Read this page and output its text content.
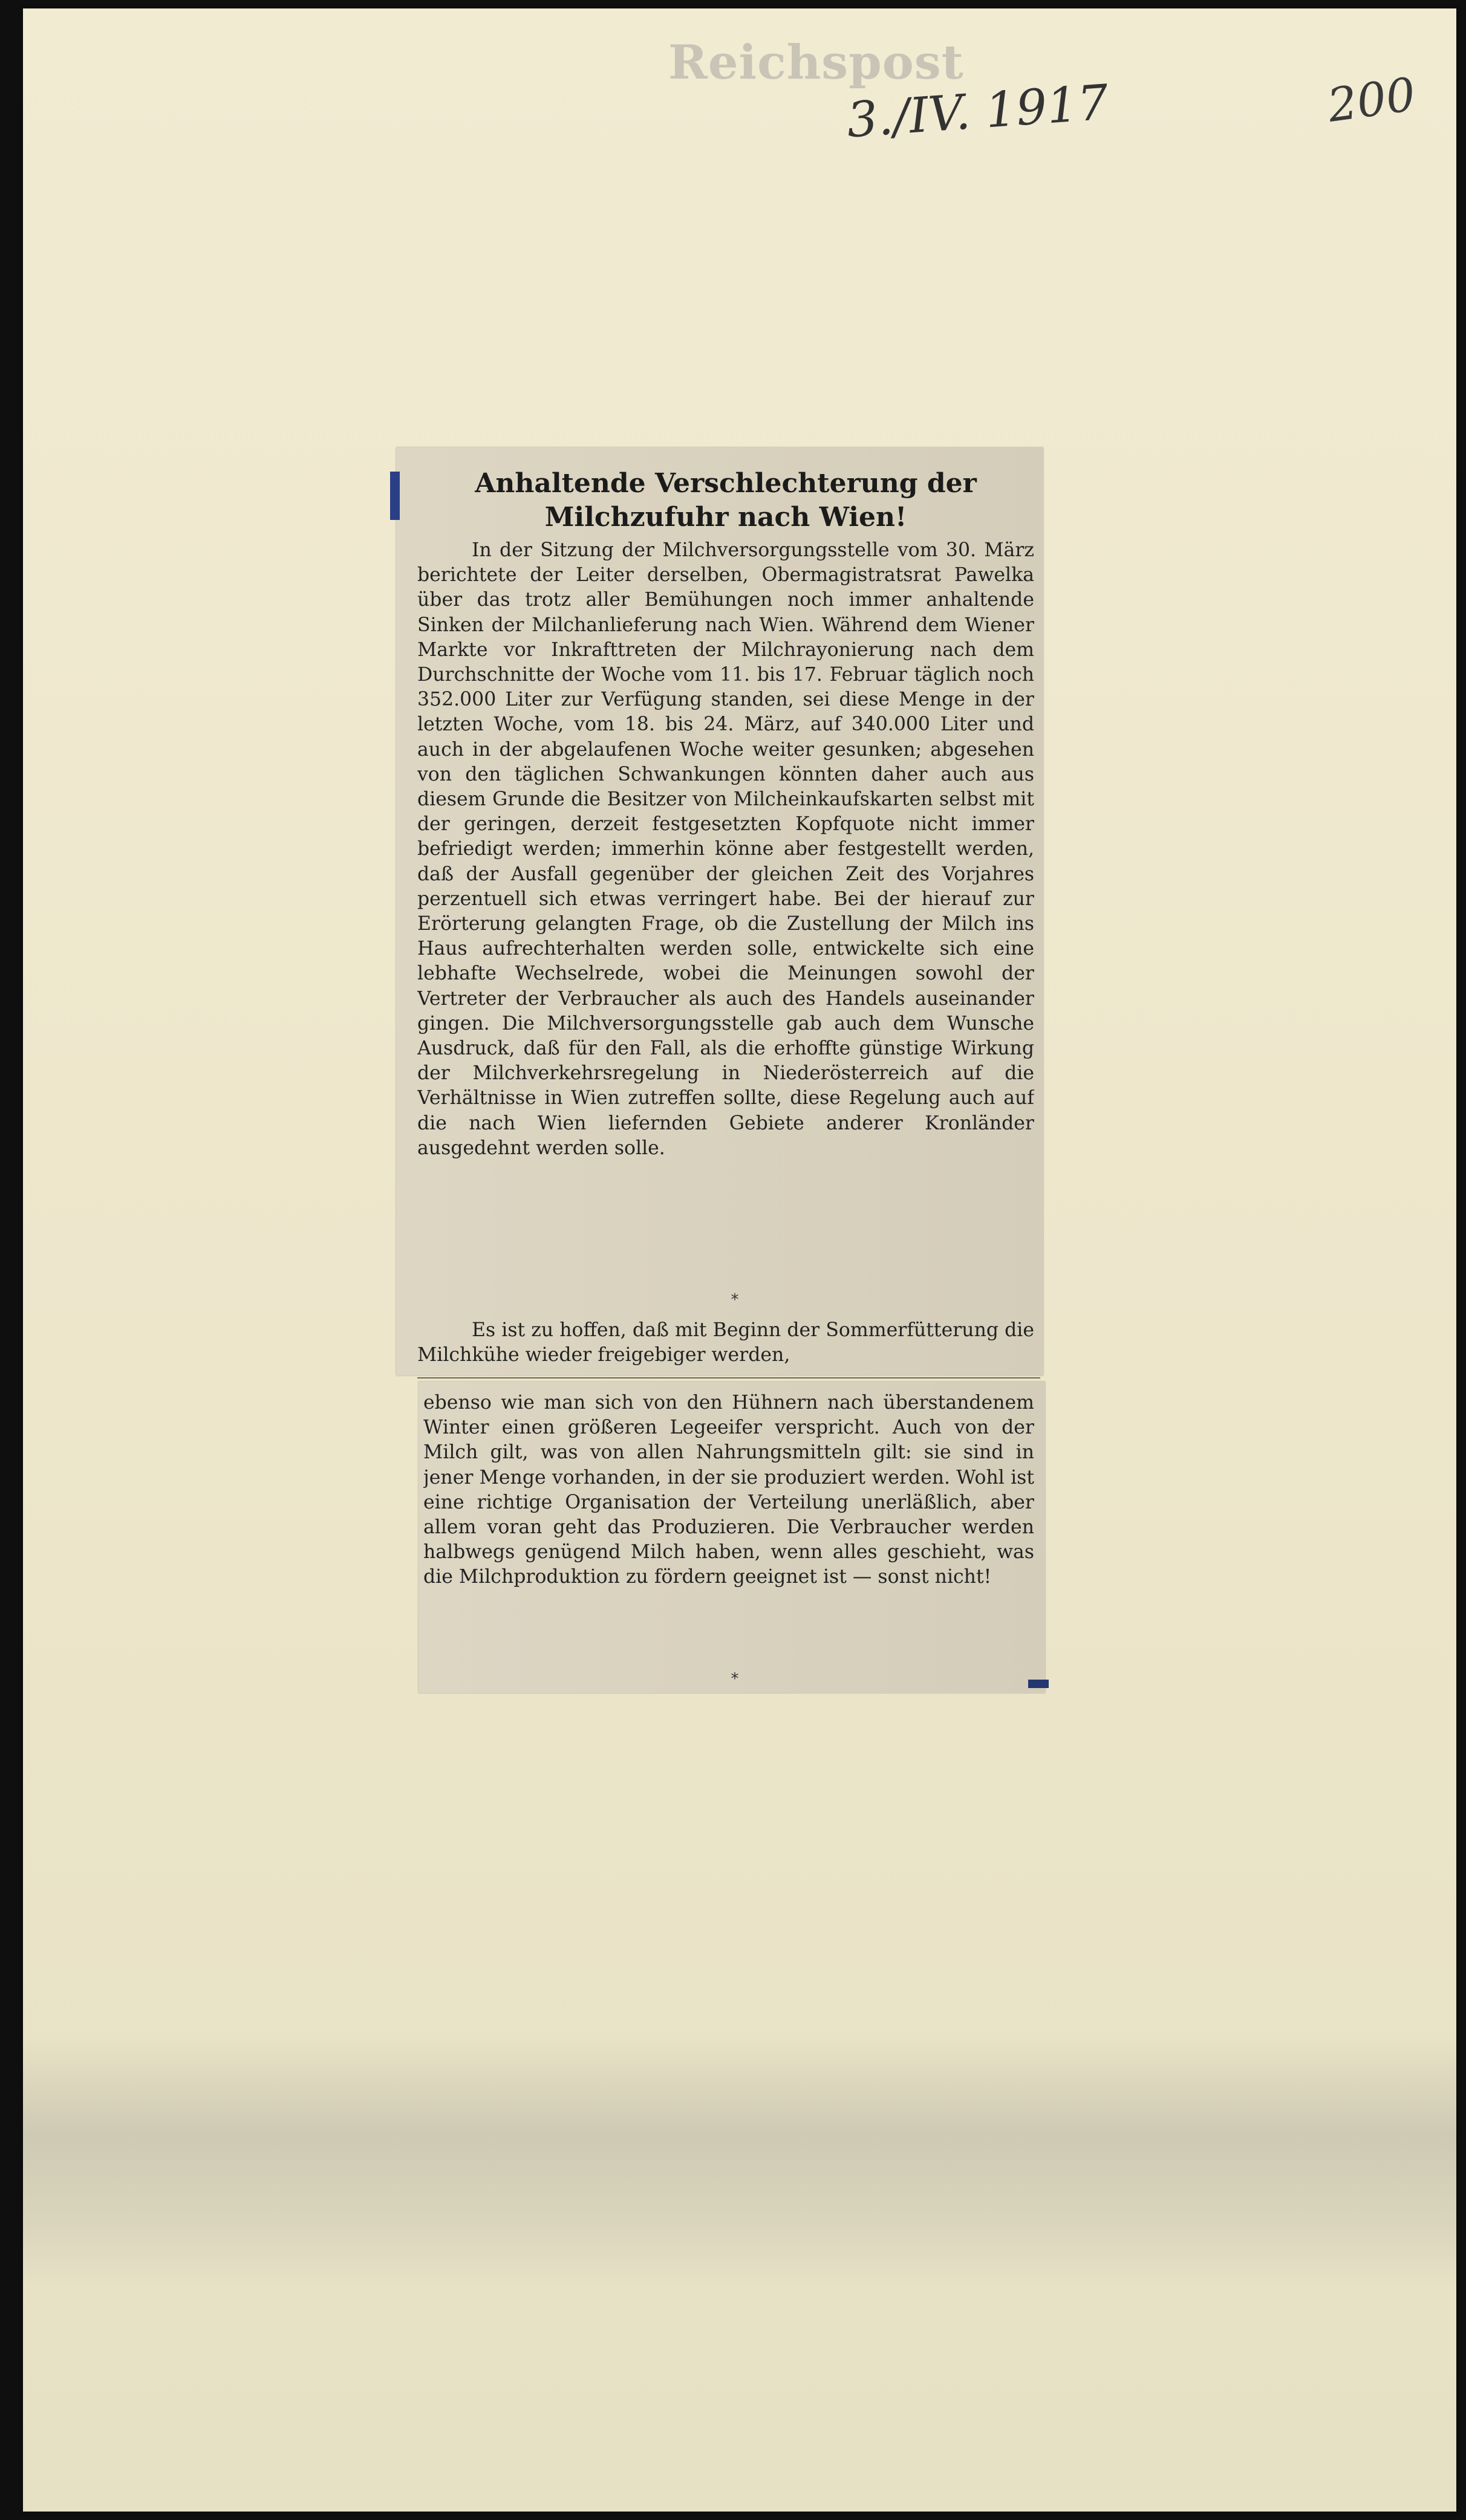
Reichspost
3./IV. 1917	200
Anhaltende Verschlechterung der Milchzufuhr nach Wien!
In der Sitzung der Milchversorgungsstelle vom 30. März berichtete der Leiter derselben, Obermagistratsrat Pawelka über das trotz aller Bemühungen noch immer anhaltende Sinken der Milchanlieferung nach Wien. Während dem Wiener Markte vor Inkrafttreten der Milchrayonierung nach dem Durchschnitte der Woche vom 11. bis 17. Februar täglich noch 352.000 Liter zur Verfügung standen, sei diese Menge in der letzten Woche, vom 18. bis 24. März, auf 340.000 Liter und auch in der abgelaufenen Woche weiter gesunken; abgesehen von den täglichen Schwankungen könnten daher auch aus diesem Grunde die Besitzer von Milcheinkaufskarten selbst mit der geringen, derzeit festgesetzten Kopfquote nicht immer befriedigt werden; immerhin könne aber festgestellt werden, daß der Ausfall gegenüber der gleichen Zeit des Vorjahres perzentuell sich etwas verringert habe. Bei der hierauf zur Erörterung gelangten Frage, ob die Zustellung der Milch ins Haus aufrechterhalten werden solle, entwickelte sich eine lebhafte Wechselrede, wobei die Meinungen sowohl der Vertreter der Verbraucher als auch des Handels auseinander gingen. Die Milchversorgungsstelle gab auch dem Wunsche Ausdruck, daß für den Fall, als die erhoffte günstige Wirkung der Milchverkehrsregelung in Niederösterreich auf die Verhältnisse in Wien zutreffen sollte, diese Regelung auch auf die nach Wien liefernden Gebiete anderer Kronländer ausgedehnt werden solle.
*
Es ist zu hoffen, daß mit Beginn der Sommerfütterung die Milchkühe wieder freigebiger werden,
ebenso wie man sich von den Hühnern nach überstandenem Winter einen größeren Legeeifer verspricht. Auch von der Milch gilt, was von allen Nahrungsmitteln gilt: sie sind in jener Menge vorhanden, in der sie produziert werden. Wohl ist eine richtige Organisation der Verteilung unerläßlich, aber allem voran geht das Produzieren. Die Verbraucher werden halbwegs genügend Milch haben, wenn alles geschieht, was die Milchproduktion zu fördern geeignet ist — sonst nicht!
*
